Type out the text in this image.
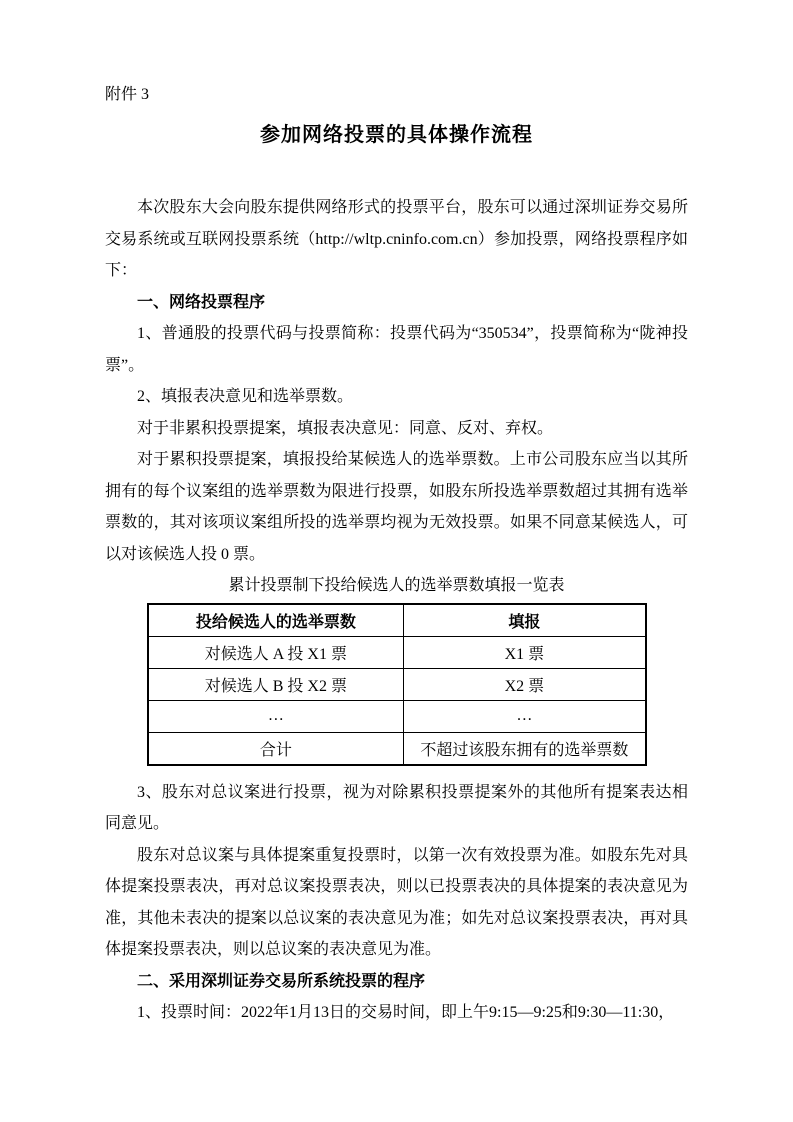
附件 3
参加网络投票的具体操作流程

本次股东大会向股东提供网络形式的投票平台，股东可以通过深圳证券交易所交易系统或互联网投票系统（http://wltp.cninfo.com.cn）参加投票，网络投票程序如下：

一、网络投票程序

1、普通股的投票代码与投票简称：投票代码为“350534”，投票简称为“陇神投票”。

2、填报表决意见和选举票数。

对于非累积投票提案，填报表决意见：同意、反对、弃权。

对于累积投票提案，填报投给某候选人的选举票数。上市公司股东应当以其所拥有的每个议案组的选举票数为限进行投票，如股东所投选举票数超过其拥有选举票数的，其对该项议案组所投的选举票均视为无效投票。如果不同意某候选人，可以对该候选人投 0 票。

累计投票制下投给候选人的选举票数填报一览表

投给候选人的选举票数	填报
对候选人 A 投 X1 票	X1 票
对候选人 B 投 X2 票	X2 票
…	…
合计	不超过该股东拥有的选举票数

3、股东对总议案进行投票，视为对除累积投票提案外的其他所有提案表达相同意见。

股东对总议案与具体提案重复投票时，以第一次有效投票为准。如股东先对具体提案投票表决，再对总议案投票表决，则以已投票表决的具体提案的表决意见为准，其他未表决的提案以总议案的表决意见为准；如先对总议案投票表决，再对具体提案投票表决，则以总议案的表决意见为准。

二、采用深圳证券交易所系统投票的程序

1、投票时间：2022年1月13日的交易时间，即上午9:15—9:25和9:30—11:30，
